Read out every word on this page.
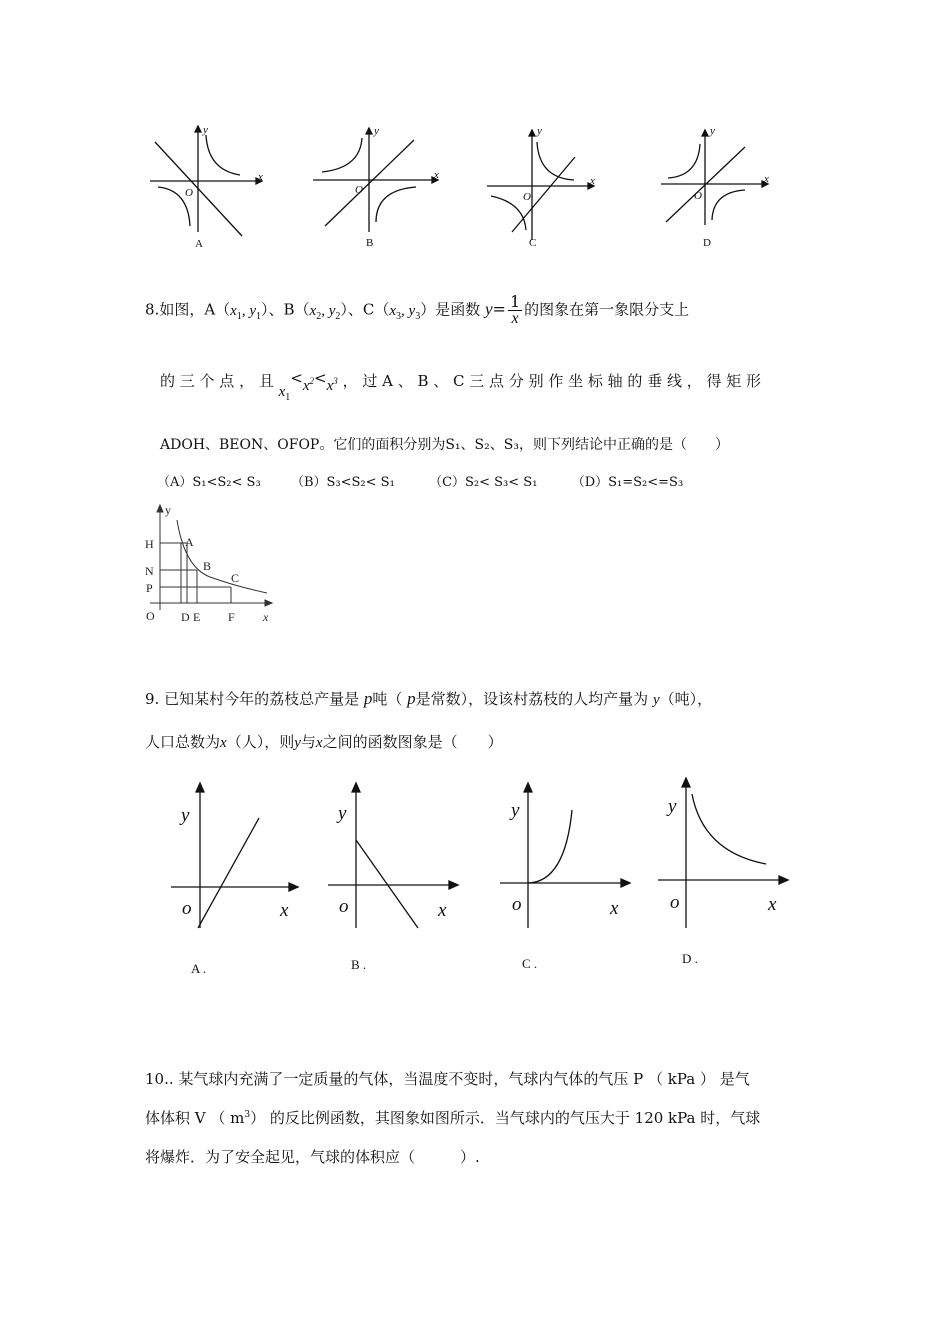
y
x
O
y
x
O
y
x
O
y
x
O
A	B	C	D
8.如图，$A(x_1$, $y_1$）、$B(x_2$, $y_2$）、$C(x_3$, $y_3$）是函数 $y= \frac{1}{x}$ 的图象在第一象限分支上
的 三 个 点 ， 且 $x_1<x^2<x^3$ ， 过 A 、 B 、 C 三 点 分 别 作 坐 标 轴 的 垂 线 ， 得 矩 形
ADOH、BEON、OFOP。它们的面积分别为S₁、S₂、S₃，则下列结论中正确的是（　　）
（A）S₁<S₂< S₃ （B）S₃<S₂< S₁	（C）S₂< S₃< S₁	（D）S₁=S₂<=S₃
y
x
O
H
N
P
D E F
A
B
C
9. 已知某村今年的荔枝总产量是 p吨（ p是常数），设该村荔枝的人均产量为 y（吨），
人口总数为x（人），则y与x之间的函数图象是（　　）
y
x
o
y
x
o
y
x
o
y
x
o
A .	B .	C .	D .
10.. 某气球内充满了一定质量的气体，当温度不变时，气球内气体的气压 P （ kPa ） 是气
体体积 V （ $m^3$） 的反比例函数，其图象如图所示．当气球内的气压大于 120 kPa 时，气球
将爆炸．为了安全起见，气球的体积应（　　　）.
